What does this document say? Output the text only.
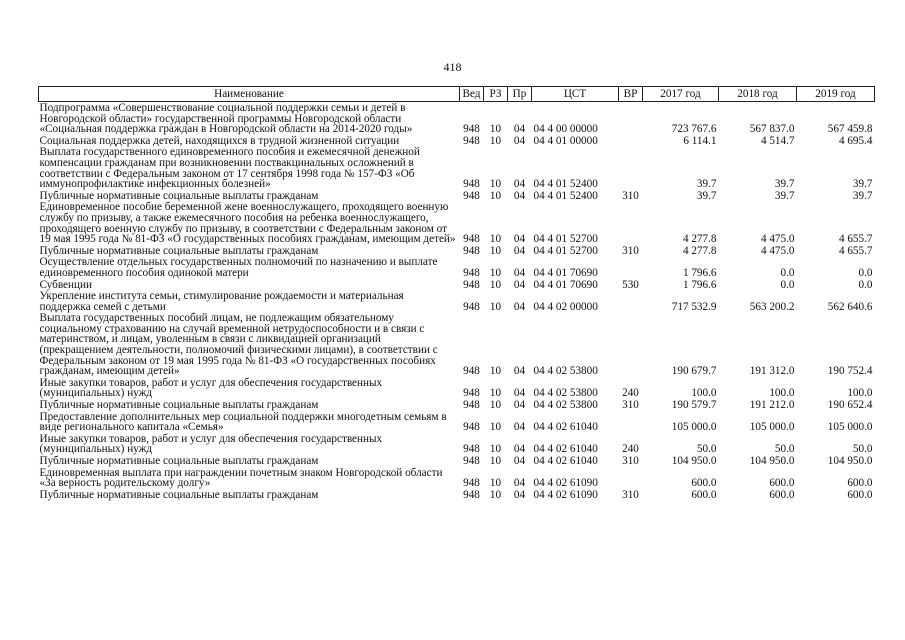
418
Наименование	Вед	РЗ	Пр	ЦСТ	ВР	2017 год	2018 год	2019 год
Подпрограмма «Совершенствование социальной поддержки семьи и детей в Новгородской области» государственной программы Новгородской области «Социальная поддержка граждан в Новгородской области на 2014-2020 годы»	948	10	04	04 4 00 00000		723 767.6	567 837.0	567 459.8
Социальная поддержка детей, находящихся в трудной жизненной ситуации	948	10	04	04 4 01 00000		6 114.1	4 514.7	4 695.4
Выплата государственного единовременного пособия и ежемесячной денежной компенсации гражданам при возникновении поствакцинальных осложнений в соответствии с Федеральным законом от 17 сентября 1998 года № 157-ФЗ «Об иммунопрофилактике инфекционных болезней»	948	10	04	04 4 01 52400		39.7	39.7	39.7
Публичные нормативные социальные выплаты гражданам	948	10	04	04 4 01 52400	310	39.7	39.7	39.7
Единовременное пособие беременной жене военнослужащего, проходящего военную службу по призыву, а также ежемесячного пособия на ребенка военнослужащего, проходящего военную службу по призыву, в соответствии с Федеральным законом от 19 мая 1995 года № 81-ФЗ «О государственных пособиях гражданам, имеющим детей»	948	10	04	04 4 01 52700		4 277.8	4 475.0	4 655.7
Публичные нормативные социальные выплаты гражданам	948	10	04	04 4 01 52700	310	4 277.8	4 475.0	4 655.7
Осуществление отдельных государственных полномочий по назначению и выплате единовременного пособия одинокой матери	948	10	04	04 4 01 70690		1 796.6	0.0	0.0
Субвенции	948	10	04	04 4 01 70690	530	1 796.6	0.0	0.0
Укрепление института семьи, стимулирование рождаемости и материальная поддержка семей с детьми	948	10	04	04 4 02 00000		717 532.9	563 200.2	562 640.6
Выплата государственных пособий лицам, не подлежащим обязательному социальному страхованию на случай временной нетрудоспособности и в связи с материнством, и лицам, уволенным в связи с ликвидацией организаций (прекращением деятельности, полномочий физическими лицами), в соответствии с Федеральным законом от 19 мая 1995 года № 81-ФЗ «О государственных пособиях гражданам, имеющим детей»	948	10	04	04 4 02 53800		190 679.7	191 312.0	190 752.4
Иные закупки товаров, работ и услуг для обеспечения государственных (муниципальных) нужд	948	10	04	04 4 02 53800	240	100.0	100.0	100.0
Публичные нормативные социальные выплаты гражданам	948	10	04	04 4 02 53800	310	190 579.7	191 212.0	190 652.4
Предоставление дополнительных мер социальной поддержки многодетным семьям в виде регионального капитала «Семья»	948	10	04	04 4 02 61040		105 000.0	105 000.0	105 000.0
Иные закупки товаров, работ и услуг для обеспечения государственных (муниципальных) нужд	948	10	04	04 4 02 61040	240	50.0	50.0	50.0
Публичные нормативные социальные выплаты гражданам	948	10	04	04 4 02 61040	310	104 950.0	104 950.0	104 950.0
Единовременная выплата при награждении почетным знаком Новгородской области «За верность родительскому долгу»	948	10	04	04 4 02 61090		600.0	600.0	600.0
Публичные нормативные социальные выплаты гражданам	948	10	04	04 4 02 61090	310	600.0	600.0	600.0
